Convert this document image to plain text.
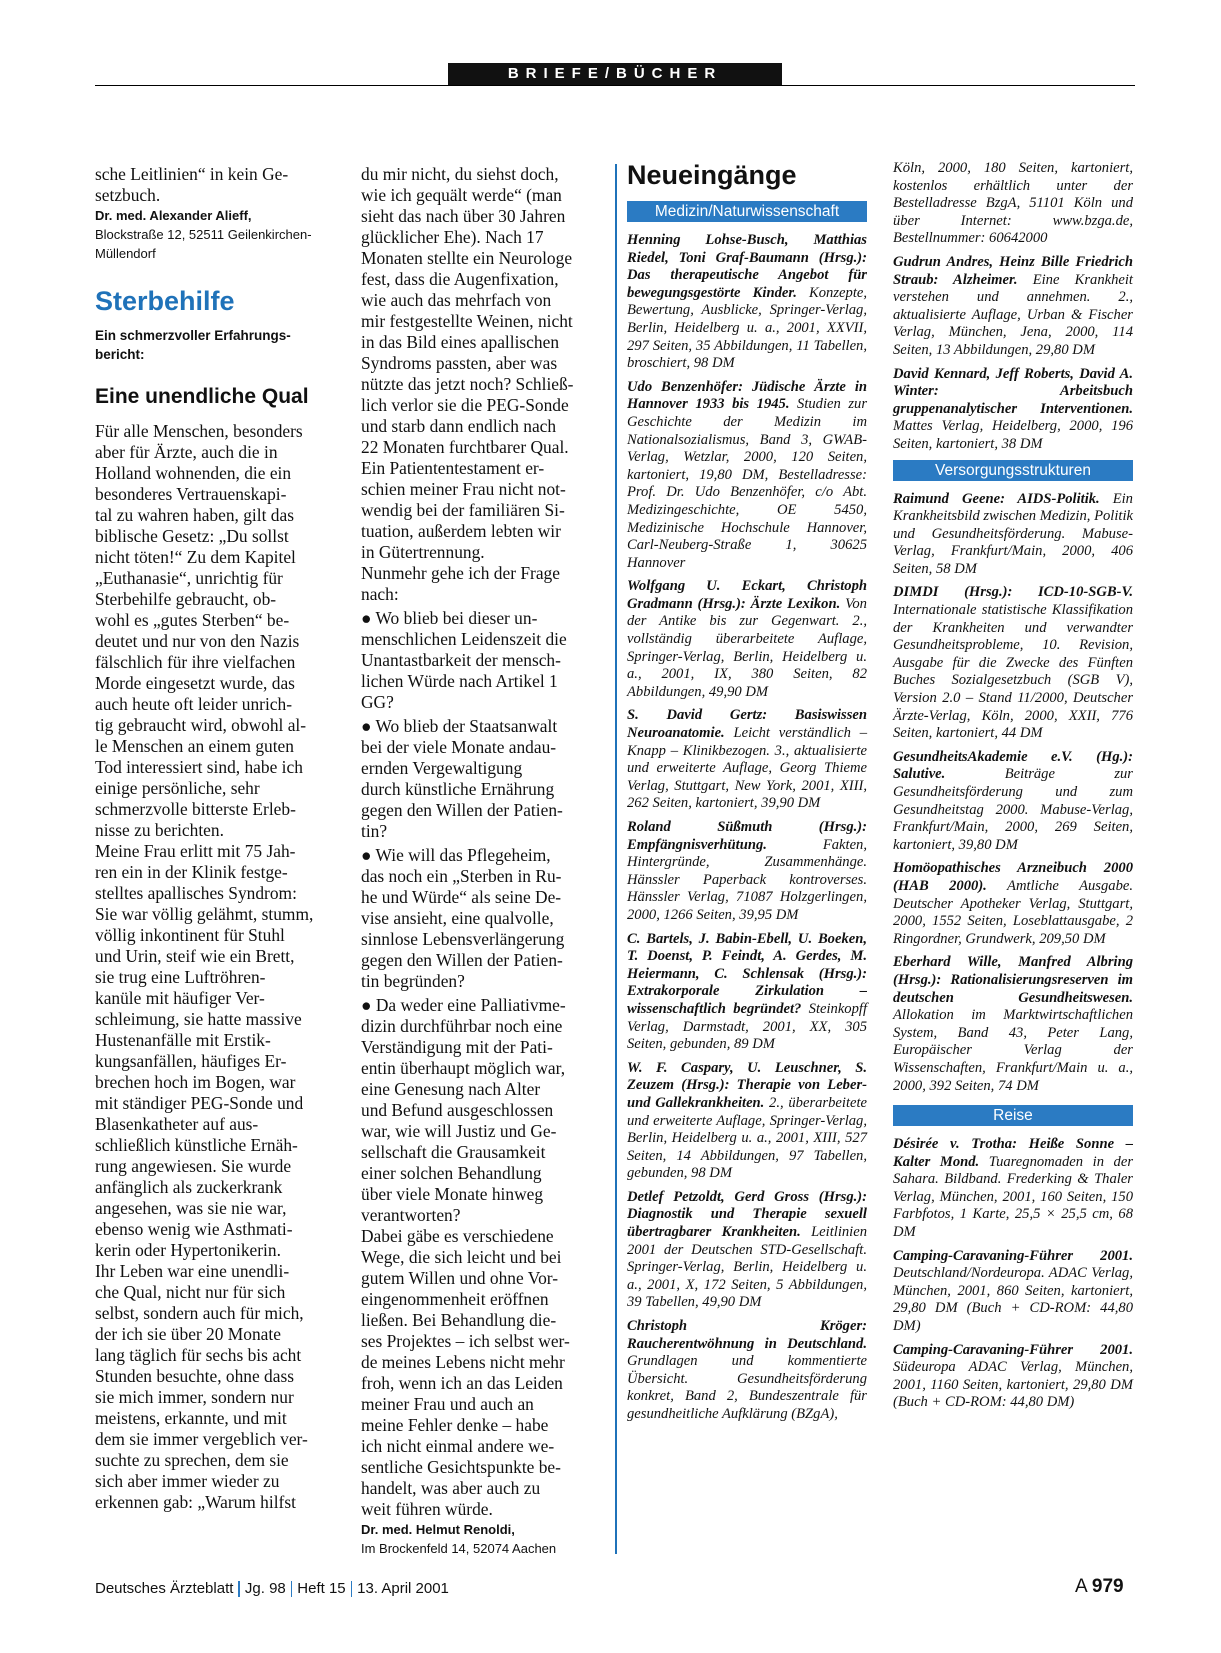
BRIEFE/BÜCHER

sche Leitlinien“ in kein Ge-

setzbuch.

Dr. med. Alexander Alieff,
Blockstraße 12, 52511 Geilenkirchen-
Müllendorf
Sterbehilfe
Ein schmerzvoller Erfahrungs-
bericht:
Eine unendliche Qual

Für alle Menschen, besonders

aber für Ärzte, auch die in

Holland wohnenden, die ein

besonderes Vertrauenskapi-

tal zu wahren haben, gilt das

biblische Gesetz: „Du sollst

nicht töten!“ Zu dem Kapitel

„Euthanasie“, unrichtig für

Sterbehilfe gebraucht, ob-

wohl es „gutes Sterben“ be-

deutet und nur von den Nazis

fälschlich für ihre vielfachen

Morde eingesetzt wurde, das

auch heute oft leider unrich-

tig gebraucht wird, obwohl al-

le Menschen an einem guten

Tod interessiert sind, habe ich

einige persönliche, sehr

schmerzvolle bitterste Erleb-

nisse zu berichten.

Meine Frau erlitt mit 75 Jah-

ren ein in der Klinik festge-

stelltes apallisches Syndrom:

Sie war völlig gelähmt, stumm,

völlig inkontinent für Stuhl

und Urin, steif wie ein Brett,

sie trug eine Luftröhren-

kanüle mit häufiger Ver-

schleimung, sie hatte massive

Hustenanfälle mit Erstik-

kungsanfällen, häufiges Er-

brechen hoch im Bogen, war

mit ständiger PEG-Sonde und

Blasenkatheter auf aus-

schließlich künstliche Ernäh-

rung angewiesen. Sie wurde

anfänglich als zuckerkrank

angesehen, was sie nie war,

ebenso wenig wie Asthmati-

kerin oder Hypertonikerin.

Ihr Leben war eine unendli-

che Qual, nicht nur für sich

selbst, sondern auch für mich,

der ich sie über 20 Monate

lang täglich für sechs bis acht

Stunden besuchte, ohne dass

sie mich immer, sondern nur

meistens, erkannte, und mit

dem sie immer vergeblich ver-

suchte zu sprechen, dem sie

sich aber immer wieder zu

erkennen gab: „Warum hilfst

du mir nicht, du siehst doch,

wie ich gequält werde“ (man

sieht das nach über 30 Jahren

glücklicher Ehe). Nach 17

Monaten stellte ein Neurologe

fest, dass die Augenfixation,

wie auch das mehrfach von

mir festgestellte Weinen, nicht

in das Bild eines apallischen

Syndroms passten, aber was

nützte das jetzt noch? Schließ-

lich verlor sie die PEG-Sonde

und starb dann endlich nach

22 Monaten furchtbarer Qual.

Ein Patiententestament er-

schien meiner Frau nicht not-

wendig bei der familiären Si-

tuation, außerdem lebten wir

in Gütertrennung.

Nunmehr gehe ich der Frage

nach:

● Wo blieb bei dieser un-

menschlichen Leidenszeit die

Unantastbarkeit der mensch-

lichen Würde nach Artikel 1

GG?

● Wo blieb der Staatsanwalt

bei der viele Monate andau-

ernden Vergewaltigung

durch künstliche Ernährung

gegen den Willen der Patien-

tin?

● Wie will das Pflegeheim,

das noch ein „Sterben in Ru-

he und Würde“ als seine De-

vise ansieht, eine qualvolle,

sinnlose Lebensverlängerung

gegen den Willen der Patien-

tin begründen?

● Da weder eine Palliativme-

dizin durchführbar noch eine

Verständigung mit der Pati-

entin überhaupt möglich war,

eine Genesung nach Alter

und Befund ausgeschlossen

war, wie will Justiz und Ge-

sellschaft die Grausamkeit

einer solchen Behandlung

über viele Monate hinweg

verantworten?

Dabei gäbe es verschiedene

Wege, die sich leicht und bei

gutem Willen und ohne Vor-

eingenommenheit eröffnen

ließen. Bei Behandlung die-

ses Projektes – ich selbst wer-

de meines Lebens nicht mehr

froh, wenn ich an das Leiden

meiner Frau und auch an

meine Fehler denke – habe

ich nicht einmal andere we-

sentliche Gesichtspunkte be-

handelt, was aber auch zu

weit führen würde.

Dr. med. Helmut Renoldi,
Im Brockenfeld 14, 52074 Aachen
Neueingänge
Medizin/Naturwissenschaft

Henning Lohse-Busch, Matthias Riedel, Toni Graf-Baumann (Hrsg.): Das therapeutische Angebot für bewegungsgestörte Kinder. Konzepte, Bewertung, Ausblicke, Springer-Verlag, Berlin, Heidelberg u. a., 2001, XXVII, 297 Seiten, 35 Abbildungen, 11 Tabellen, broschiert, 98 DM

Udo Benzenhöfer: Jüdische Ärzte in Hannover 1933 bis 1945. Studien zur Geschichte der Medizin im Nationalsozialismus, Band 3, GWAB-Verlag, Wetzlar, 2000, 120 Seiten, kartoniert, 19,80 DM, Bestelladresse: Prof. Dr. Udo Benzenhöfer, c/o Abt. Medizingeschichte, OE 5450, Medizinische Hochschule Hannover, Carl-Neuberg-Straße 1, 30625 Hannover

Wolfgang U. Eckart, Christoph Gradmann (Hrsg.): Ärzte Lexikon. Von der Antike bis zur Gegenwart. 2., vollständig überarbeitete Auflage, Springer-Verlag, Berlin, Heidelberg u. a., 2001, IX, 380 Seiten, 82 Abbildungen, 49,90 DM

S. David Gertz: Basiswissen Neuroanatomie. Leicht verständlich – Knapp – Klinikbezogen. 3., aktualisierte und erweiterte Auflage, Georg Thieme Verlag, Stuttgart, New York, 2001, XIII, 262 Seiten, kartoniert, 39,90 DM

Roland Süßmuth (Hrsg.): Empfängnisverhütung. Fakten, Hintergründe, Zusammenhänge. Hänssler Paperback kontroverses. Hänssler Verlag, 71087 Holzgerlingen, 2000, 1266 Seiten, 39,95 DM

C. Bartels, J. Babin-Ebell, U. Boeken, T. Doenst, P. Feindt, A. Gerdes, M. Heiermann, C. Schlensak (Hrsg.): Extrakorporale Zirkulation – wissenschaftlich begründet? Steinkopff Verlag, Darmstadt, 2001, XX, 305 Seiten, gebunden, 89 DM

W. F. Caspary, U. Leuschner, S. Zeuzem (Hrsg.): Therapie von Leber- und Gallekrankheiten. 2., überarbeitete und erweiterte Auflage, Springer-Verlag, Berlin, Heidelberg u. a., 2001, XIII, 527 Seiten, 14 Abbildungen, 97 Tabellen, gebunden, 98 DM

Detlef Petzoldt, Gerd Gross (Hrsg.): Diagnostik und Therapie sexuell übertragbarer Krankheiten. Leitlinien 2001 der Deutschen STD-Gesellschaft. Springer-Verlag, Berlin, Heidelberg u. a., 2001, X, 172 Seiten, 5 Abbildungen, 39 Tabellen, 49,90 DM

Christoph Kröger: Raucherentwöhnung in Deutschland. Grundlagen und kommentierte Übersicht. Gesundheitsförderung konkret, Band 2, Bundeszentrale für gesundheitliche Aufklärung (BZgA),

Köln, 2000, 180 Seiten, kartoniert, kostenlos erhältlich unter der Bestelladresse BzgA, 51101 Köln und über Internet: www.bzga.de, Bestellnummer: 60642000

Gudrun Andres, Heinz Bille Friedrich Straub: Alzheimer. Eine Krankheit verstehen und annehmen. 2., aktualisierte Auflage, Urban & Fischer Verlag, München, Jena, 2000, 114 Seiten, 13 Abbildungen, 29,80 DM

David Kennard, Jeff Roberts, David A. Winter: Arbeitsbuch gruppenanalytischer Interventionen. Mattes Verlag, Heidelberg, 2000, 196 Seiten, kartoniert, 38 DM

Versorgungsstrukturen

Raimund Geene: AIDS-Politik. Ein Krankheitsbild zwischen Medizin, Politik und Gesundheitsförderung. Mabuse-Verlag, Frankfurt/Main, 2000, 406 Seiten, 58 DM

DIMDI (Hrsg.): ICD-10-SGB-V. Internationale statistische Klassifikation der Krankheiten und verwandter Gesundheitsprobleme, 10. Revision, Ausgabe für die Zwecke des Fünften Buches Sozialgesetzbuch (SGB V), Version 2.0 – Stand 11/2000, Deutscher Ärzte-Verlag, Köln, 2000, XXII, 776 Seiten, kartoniert, 44 DM

GesundheitsAkademie e.V. (Hg.): Salutive. Beiträge zur Gesundheitsförderung und zum Gesundheitstag 2000. Mabuse-Verlag, Frankfurt/Main, 2000, 269 Seiten, kartoniert, 39,80 DM

Homöopathisches Arzneibuch 2000 (HAB 2000). Amtliche Ausgabe. Deutscher Apotheker Verlag, Stuttgart, 2000, 1552 Seiten, Loseblattausgabe, 2 Ringordner, Grundwerk, 209,50 DM

Eberhard Wille, Manfred Albring (Hrsg.): Rationalisierungsreserven im deutschen Gesundheitswesen. Allokation im Marktwirtschaftlichen System, Band 43, Peter Lang, Europäischer Verlag der Wissenschaften, Frankfurt/Main u. a., 2000, 392 Seiten, 74 DM

Reise

Désirée v. Trotha: Heiße Sonne – Kalter Mond. Tuaregnomaden in der Sahara. Bildband. Frederking & Thaler Verlag, München, 2001, 160 Seiten, 150 Farbfotos, 1 Karte, 25,5 × 25,5 cm, 68 DM

Camping-Caravaning-Führer 2001. Deutschland/Nordeuropa. ADAC Verlag, München, 2001, 860 Seiten, kartoniert, 29,80 DM (Buch + CD-ROM: 44,80 DM)

Camping-Caravaning-Führer 2001. Südeuropa ADAC Verlag, München, 2001, 1160 Seiten, kartoniert, 29,80 DM (Buch + CD-ROM: 44,80 DM)

Deutsches Ärzteblatt Jg. 98 Heft 15 13. April 2001	A 979
